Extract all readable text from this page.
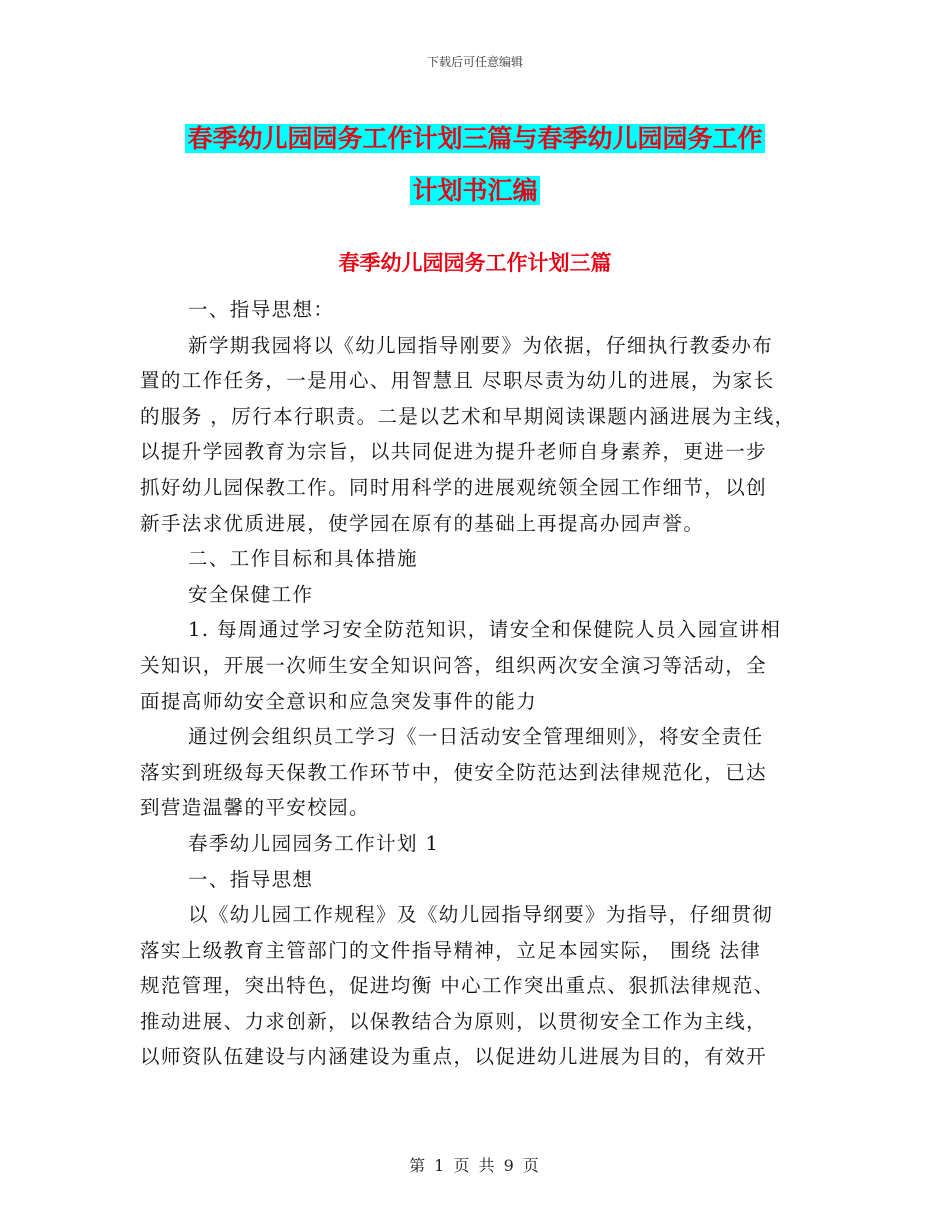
下载后可任意编辑
春季幼儿园园务工作计划三篇与春季幼儿园园务工作
计划书汇编
春季幼儿园园务工作计划三篇
一、指导思想：
新学期我园将以《幼儿园指导刚要》为依据，仔细执行教委办布
置的工作任务，一是用心、用智慧且 尽职尽责为幼儿的进展，为家长
的服务 ，厉行本行职责。二是以艺术和早期阅读课题内涵进展为主线，
以提升学园教育为宗旨，以共同促进为提升老师自身素养，更进一步
抓好幼儿园保教工作。同时用科学的进展观统领全园工作细节，以创
新手法求优质进展，使学园在原有的基础上再提高办园声誉。
二、工作目标和具体措施
安全保健工作
1. 每周通过学习安全防范知识，请安全和保健院人员入园宣讲相
关知识，开展一次师生安全知识问答，组织两次安全演习等活动，全
面提高师幼安全意识和应急突发事件的能力
通过例会组织员工学习《一日活动安全管理细则》，将安全责任
落实到班级每天保教工作环节中，使安全防范达到法律规范化，已达
到营造温馨的平安校园。
春季幼儿园园务工作计划 1
一、指导思想
以《幼儿园工作规程》及《幼儿园指导纲要》为指导，仔细贯彻
落实上级教育主管部门的文件指导精神，立足本园实际， 围绕 法律
规范管理，突出特色，促进均衡 中心工作突出重点、狠抓法律规范、
推动进展、力求创新，以保教结合为原则，以贯彻安全工作为主线，
以师资队伍建设与内涵建设为重点，以促进幼儿进展为目的，有效开
第 1 页 共 9 页
